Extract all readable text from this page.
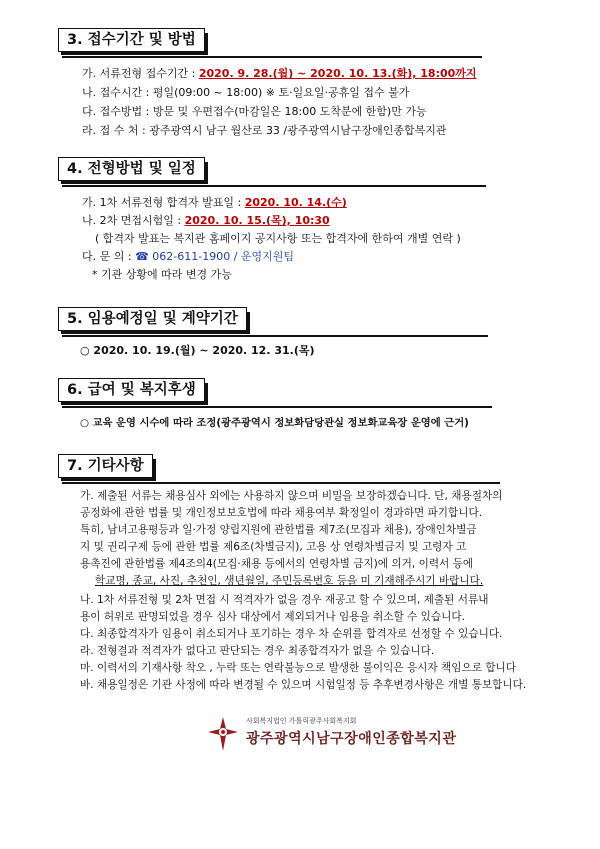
3. 접수기간 및 방법
가. 서류전형 접수기간 : 2020. 9. 28.(월) ~ 2020. 10. 13.(화), 18:00까지
나. 접수시간 : 평일(09:00 ~ 18:00) ※ 토·일요일·공휴일 접수 불가
다. 접수방법 : 방문 및 우편접수(마감일은 18:00 도착분에 한함)만 가능
라. 접 수 처 : 광주광역시 남구 월산로 33 /광주광역시남구장애인종합복지관
4. 전형방법 및 일정
가. 1차 서류전형 합격자 발표일 : 2020. 10. 14.(수)
나. 2차 면접시험일 : 2020. 10. 15.(목), 10:30
( 합격자 발표는 복지관 홈페이지 공지사항 또는 합격자에 한하여 개별 연락 )
다. 문 의 : ☎ 062-611-1900 / 운영지원팀
* 기관 상황에 따라 변경 가능
5. 임용예정일 및 계약기간
○ 2020. 10. 19.(월) ~ 2020. 12. 31.(목)
6. 급여 및 복지후생
○ 교육 운영 시수에 따라 조정(광주광역시 정보화담당관실 정보화교육장 운영에 근거)
7. 기타사항
가. 제출된 서류는 채용심사 외에는 사용하지 않으며 비밀을 보장하겠습니다. 단, 채용절차의
공정화에 관한 법률 및 개인정보보호법에 따라 채용여부 확정일이 경과하면 파기합니다.
특히, 남녀고용평등과 일·가정 양립지원에 관한법률 제7조(모집과 채용), 장애인차별금
지 및 권리구제 등에 관한 법률 제6조(차별금지), 고용 상 연령차별금지 및 고령자 고
용촉진에 관한법률 제4조의4(모집·채용 등에서의 연령차별 금지)에 의거, 이력서 등에
학교명, 종교, 사진, 추천인, 생년월일, 주민등록번호 등을 미 기재해주시기 바랍니다.
나. 1차 서류전형 및 2차 면접 시 적격자가 없을 경우 재공고 할 수 있으며, 제출된 서류내
용이 허위로 판명되었을 경우 심사 대상에서 제외되거나 임용을 취소할 수 있습니다.
다. 최종합격자가 임용이 취소되거나 포기하는 경우 차 순위를 합격자로 선정할 수 있습니다.
라. 전형결과 적격자가 없다고 판단되는 경우 최종합격자가 없을 수 있습니다.
마. 이력서의 기재사항 착오 , 누락 또는 연락불능으로 발생한 불이익은 응시자 책임으로 합니다
바. 채용일정은 기관 사정에 따라 변경될 수 있으며 시험일정 등 추후변경사항은 개별 통보합니다.
사회복지법인 가톨릭광주사회복지회
광주광역시남구장애인종합복지관
